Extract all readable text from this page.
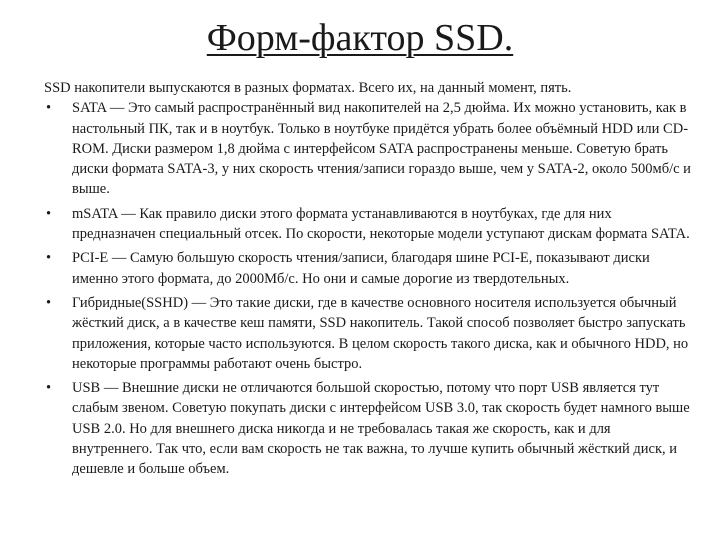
Форм-фактор SSD.

SSD накопители выпускаются в разных форматах. Всего их, на данный момент, пять.

• SATA — Это самый распространённый вид накопителей на 2,5 дюйма. Их можно установить, как в настольный ПК, так и в ноутбук. Только в ноутбуке придётся убрать более объёмный HDD или CD-ROM. Диски размером 1,8 дюйма с интерфейсом SATA распространены меньше. Советую брать диски формата SATA-3, у них скорость чтения/записи гораздо выше, чем у SATA-2, около 500мб/с и выше.
• mSATA — Как правило диски этого формата устанавливаются в ноутбуках, где для них предназначен специальный отсек. По скорости, некоторые модели уступают дискам формата SATA.
• PCI-E — Самую большую скорость чтения/записи, благодаря шине PCI-E, показывают диски именно этого формата, до 2000Мб/с. Но они и самые дорогие из твердотельных.
• Гибридные(SSHD) — Это такие диски, где в качестве основного носителя используется обычный жёсткий диск, а в качестве кеш памяти, SSD накопитель. Такой способ позволяет быстро запускать приложения, которые часто используются. В целом скорость такого диска, как и обычного HDD, но некоторые программы работают очень быстро.
• USB — Внешние диски не отличаются большой скоростью, потому что порт USB является тут слабым звеном. Советую покупать диски с интерфейсом USB 3.0, так скорость будет намного выше USB 2.0. Но для внешнего диска никогда и не требовалась такая же скорость, как и для внутреннего. Так что, если вам скорость не так важна, то лучше купить обычный жёсткий диск, и дешевле и больше объем.
